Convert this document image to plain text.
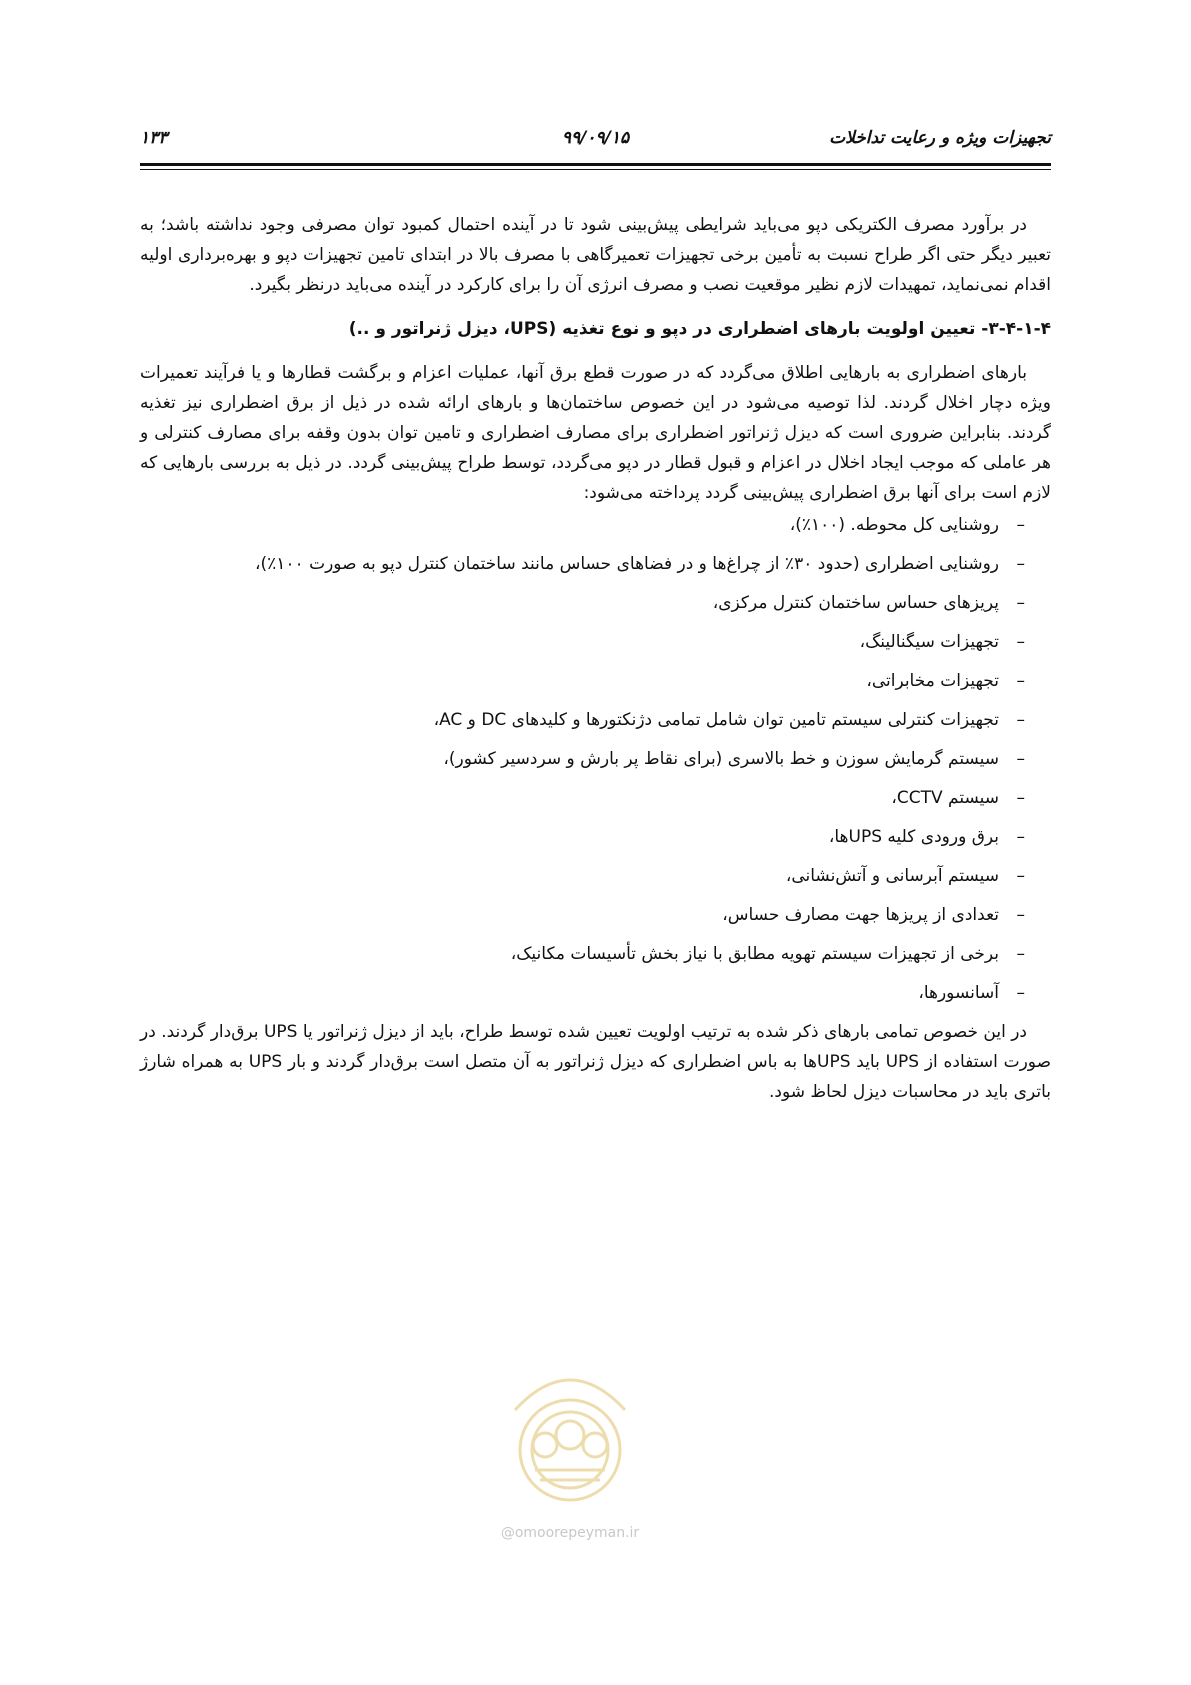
تجهیزات ویژه و رعایت تداخلات
۹۹/۰۹/۱۵
۱۳۳

در برآورد مصرف الکتریکی دپو می‌باید شرایطی پیش‌بینی شود تا در آینده احتمال کمبود توان مصرفی وجود نداشته باشد؛ به تعبیر دیگر حتی اگر طراح نسبت به تأمین برخی تجهیزات تعمیرگاهی با مصرف بالا در ابتدای تامین تجهیزات دپو و بهره‌برداری اولیه اقدام نمی‌نماید، تمهیدات لازم نظیر موقعیت نصب و مصرف انرژی آن را برای کارکرد در آینده می‌باید درنظر بگیرد.

۳-۴-۱-۴- تعیین اولویت بارهای اضطراری در دپو و نوع تغذیه (UPS، دیزل ژنراتور و ..)

بارهای اضطراری به بارهایی اطلاق می‌گردد که در صورت قطع برق آنها، عملیات اعزام و برگشت قطارها و یا فرآیند تعمیرات ویژه دچار اخلال گردند. لذا توصیه می‌شود در این خصوص ساختمان‌ها و بارهای ارائه شده در ذیل از برق اضطراری نیز تغذیه گردند. بنابراین ضروری است که دیزل ژنراتور اضطراری برای مصارف اضطراری و تامین توان بدون وقفه برای مصارف کنترلی و هر عاملی که موجب ایجاد اخلال در اعزام و قبول قطار در دپو می‌گردد، توسط طراح پیش‌بینی گردد. در ذیل به بررسی بارهایی که لازم است برای آنها برق اضطراری پیش‌بینی گردد پرداخته می‌شود:

–
روشنایی کل محوطه. (۱۰۰٪)،
–
روشنایی اضطراری (حدود ۳۰٪ از چراغ‌ها و در فضاهای حساس مانند ساختمان کنترل دپو به صورت ۱۰۰٪)،
–
پریزهای حساس ساختمان کنترل مرکزی،
–
تجهیزات سیگنالینگ،
–
تجهیزات مخابراتی،
–
تجهیزات کنترلی سیستم تامین توان شامل تمامی دژنکتورها و کلیدهای DC و AC،
–
سیستم گرمایش سوزن و خط بالاسری (برای نقاط پر بارش و سردسیر کشور)،
–
سیستم CCTV،
–
برق ورودی کلیه UPSها،
–
سیستم آبرسانی و آتش‌نشانی،
–
تعدادی از پریزها جهت مصارف حساس،
–
برخی از تجهیزات سیستم تهویه مطابق با نیاز بخش تأسیسات مکانیک،
–
آسانسورها،

در این خصوص تمامی بارهای ذکر شده به ترتیب اولویت تعیین شده توسط طراح، باید از دیزل ژنراتور یا UPS برق‌دار گردند. در صورت استفاده از UPS باید UPSها به باس اضطراری که دیزل ژنراتور به آن متصل است برق‌دار گردند و بار UPS به همراه شارژ باتری باید در محاسبات دیزل لحاظ شود.

@omoorepeyman.ir
